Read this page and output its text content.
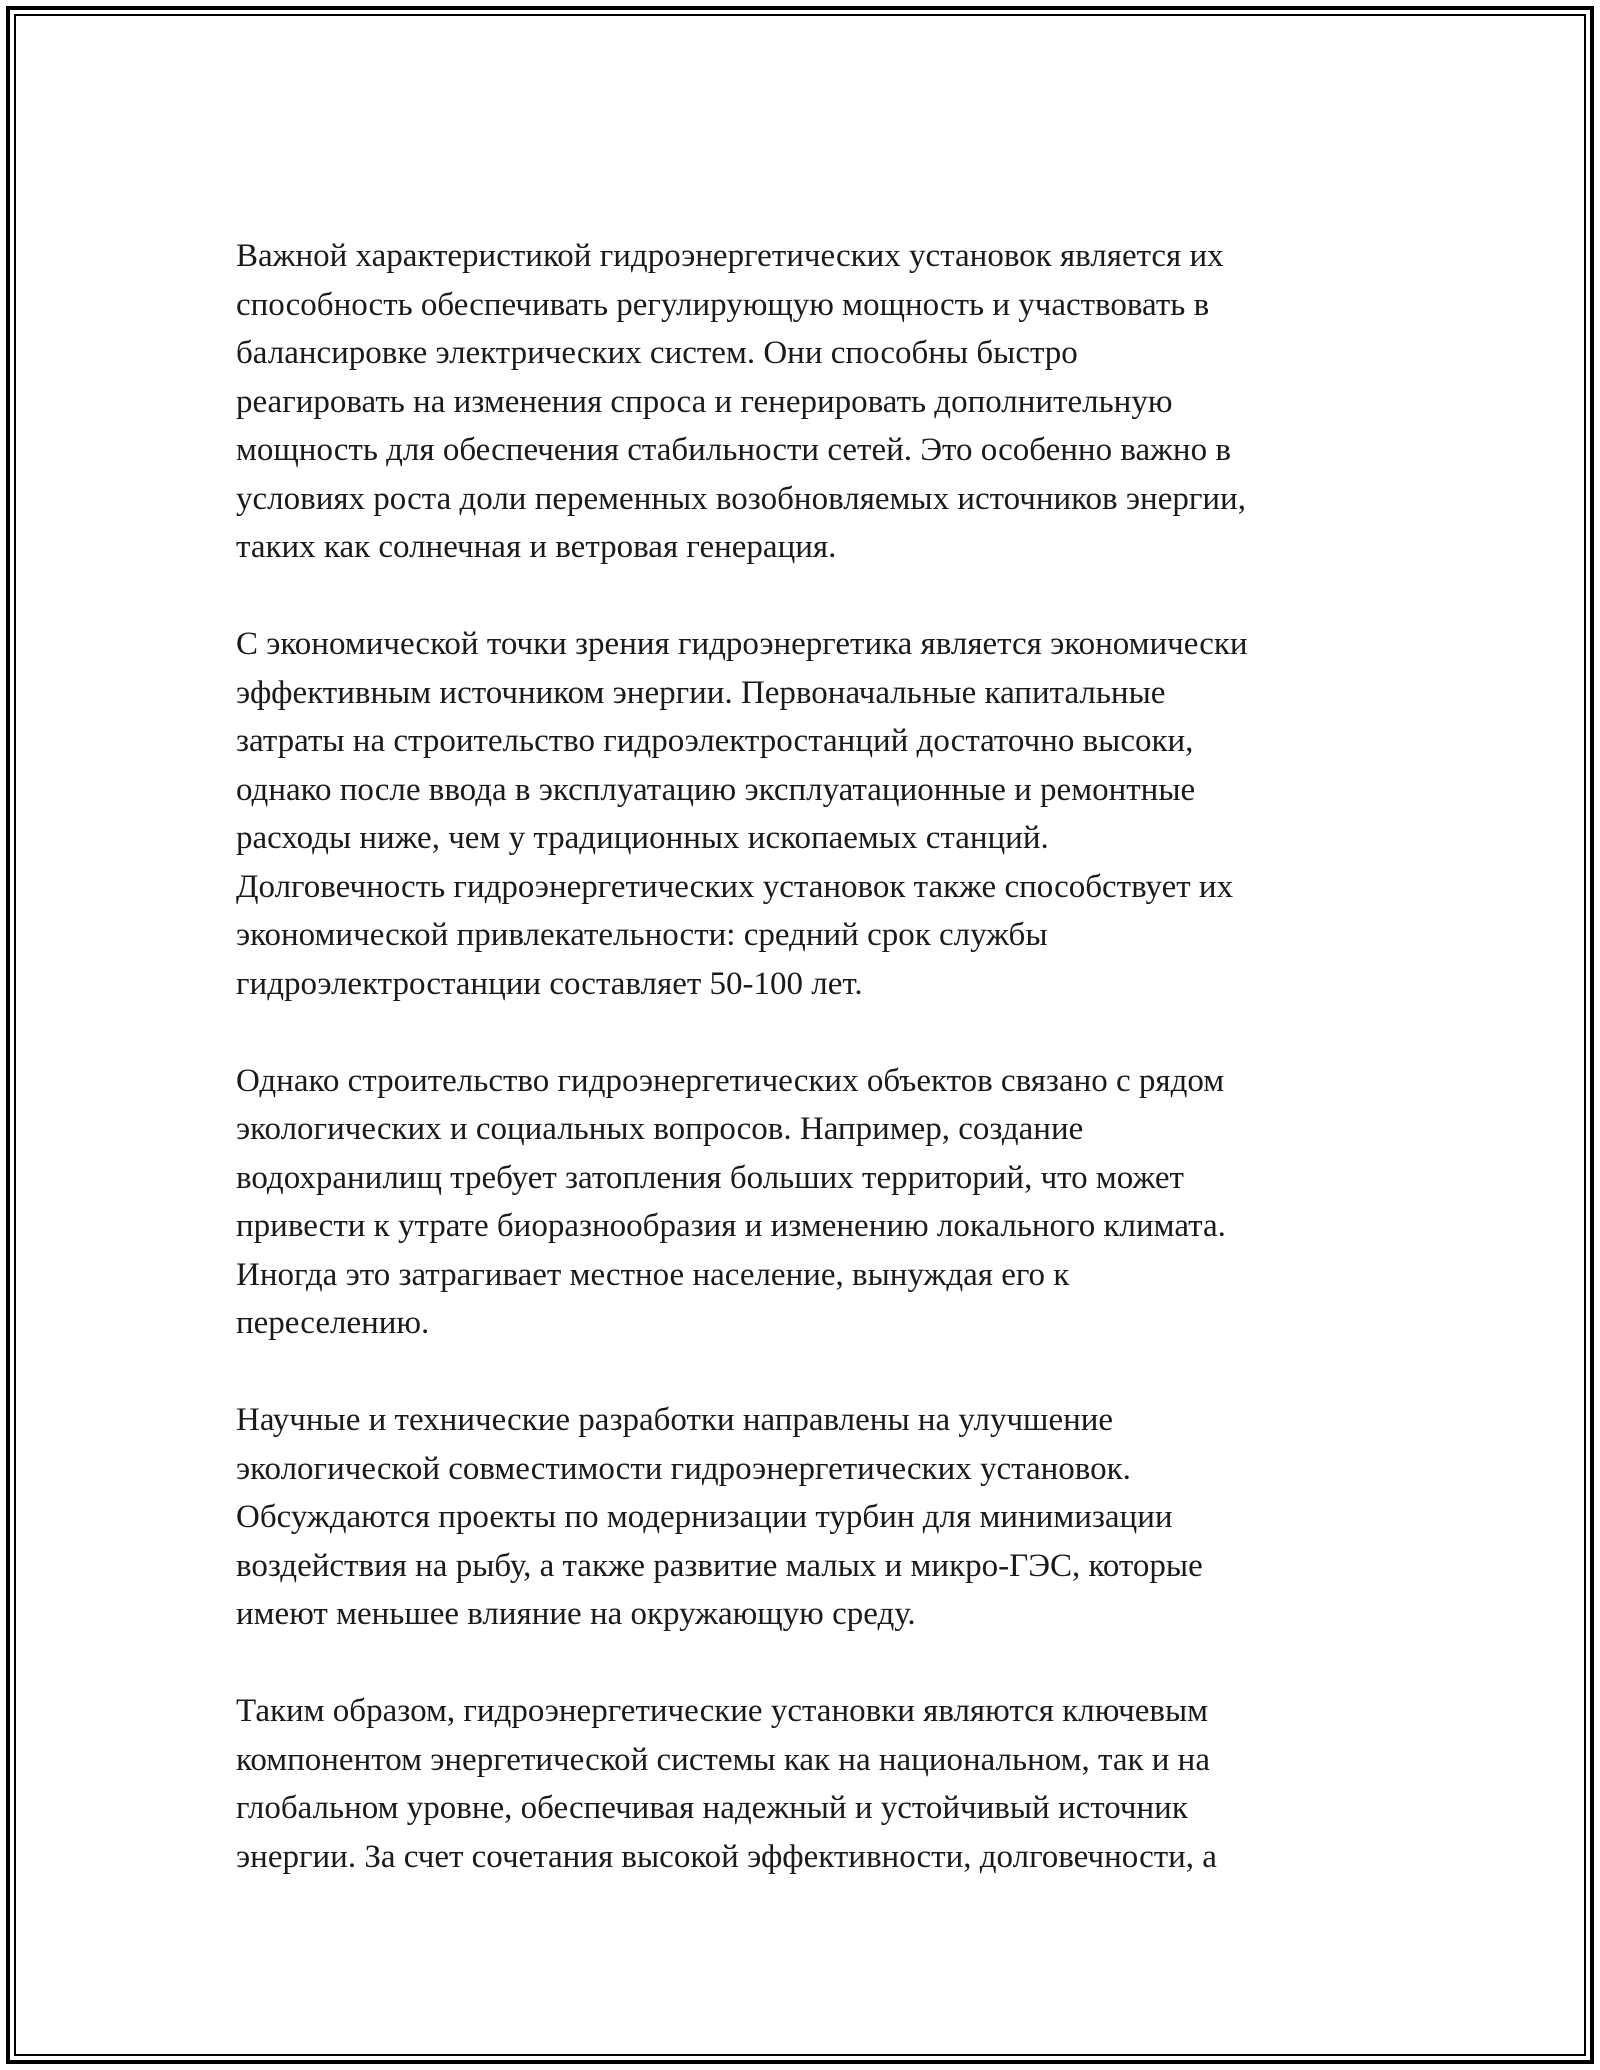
Важной характеристикой гидроэнергетических установок является их
способность обеспечивать регулирующую мощность и участвовать в
балансировке электрических систем. Они способны быстро
реагировать на изменения спроса и генерировать дополнительную
мощность для обеспечения стабильности сетей. Это особенно важно в
условиях роста доли переменных возобновляемых источников энергии,
таких как солнечная и ветровая генерация.
С экономической точки зрения гидроэнергетика является экономически
эффективным источником энергии. Первоначальные капитальные
затраты на строительство гидроэлектростанций достаточно высоки,
однако после ввода в эксплуатацию эксплуатационные и ремонтные
расходы ниже, чем у традиционных ископаемых станций.
Долговечность гидроэнергетических установок также способствует их
экономической привлекательности: средний срок службы
гидроэлектростанции составляет 50-100 лет.
Однако строительство гидроэнергетических объектов связано с рядом
экологических и социальных вопросов. Например, создание
водохранилищ требует затопления больших территорий, что может
привести к утрате биоразнообразия и изменению локального климата.
Иногда это затрагивает местное население, вынуждая его к
переселению.
Научные и технические разработки направлены на улучшение
экологической совместимости гидроэнергетических установок.
Обсуждаются проекты по модернизации турбин для минимизации
воздействия на рыбу, а также развитие малых и микро-ГЭС, которые
имеют меньшее влияние на окружающую среду.
Таким образом, гидроэнергетические установки являются ключевым
компонентом энергетической системы как на национальном, так и на
глобальном уровне, обеспечивая надежный и устойчивый источник
энергии. За счет сочетания высокой эффективности, долговечности, а
